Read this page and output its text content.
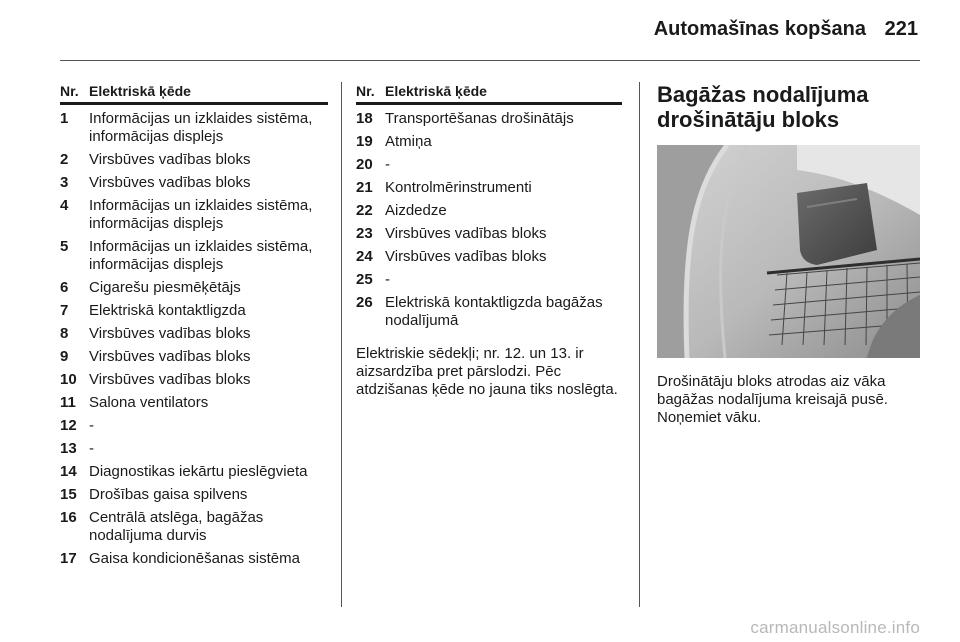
Automašīnas kopšana 221
Nr. Elektriskā ķēde
1	Informācijas un izklaides sistēma, informācijas displejs
2	Virsbūves vadības bloks
3	Virsbūves vadības bloks
4	Informācijas un izklaides sistēma, informācijas displejs
5	Informācijas un izklaides sistēma, informācijas displejs
6	Cigarešu piesmēķētājs
7	Elektriskā kontaktligzda
8	Virsbūves vadības bloks
9	Virsbūves vadības bloks
10 Virsbūves vadības bloks
11 Salona ventilators
12 -
13 -
14 Diagnostikas iekārtu pieslēgvieta
15 Drošības gaisa spilvens
16 Centrālā atslēga, bagāžas nodalījuma durvis
17 Gaisa kondicionēšanas sistēma
Nr. Elektriskā ķēde
18 Transportēšanas drošinātājs
19 Atmiņa
20 -
21 Kontrolmērinstrumenti
22 Aizdedze
23 Virsbūves vadības bloks
24 Virsbūves vadības bloks
25 -
26 Elektriskā kontaktligzda bagāžas nodalījumā

Elektriskie sēdekļi; nr. 12. un 13. ir aizsardzība pret pārslodzi. Pēc atdzišanas ķēde no jauna tiks noslēgta.

Bagāžas nodalījuma drošinātāju bloks

Drošinātāju bloks atrodas aiz vāka bagāžas nodalījuma kreisajā pusē. Noņemiet vāku.

carmanualsonline.info
